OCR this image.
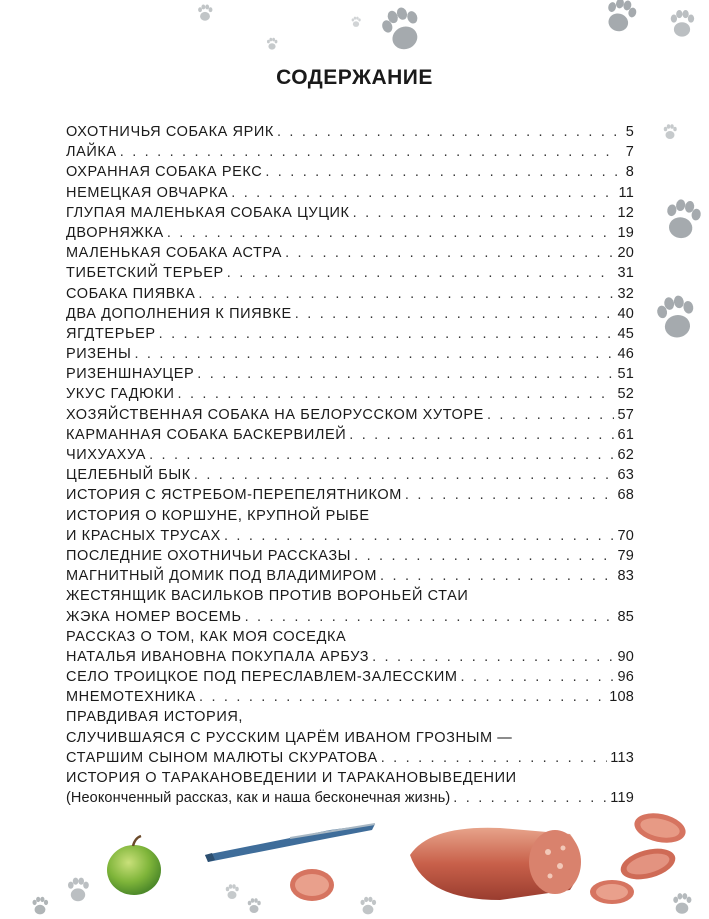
СОДЕРЖАНИЕ
ОХОТНИЧЬЯ СОБАКА ЯРИК . . .	5
ЛАЙКА . . .	7
ОХРАННАЯ СОБАКА РЕКС . . .	8
НЕМЕЦКАЯ ОВЧАРКА . . .	11
ГЛУПАЯ МАЛЕНЬКАЯ СОБАКА ЦУЦИК . . .	12
ДВОРНЯЖКА . . .	19
МАЛЕНЬКАЯ СОБАКА АСТРА . . .	20
ТИБЕТСКИЙ ТЕРЬЕР . . .	31
СОБАКА ПИЯВКА . . .	32
ДВА ДОПОЛНЕНИЯ К ПИЯВКЕ . . .	40
ЯГДТЕРЬЕР . . .	45
РИЗЕНЫ . . .	46
РИЗЕНШНАУЦЕР . . .	51
УКУС ГАДЮКИ . . .	52
ХОЗЯЙСТВЕННАЯ СОБАКА НА БЕЛОРУССКОМ ХУТОРЕ . . .	57
КАРМАННАЯ СОБАКА БАСКЕРВИЛЕЙ . . .	61
ЧИХУАХУА . . .	62
ЦЕЛЕБНЫЙ БЫК . . .	63
ИСТОРИЯ С ЯСТРЕБОМ-ПЕРЕПЕЛЯТНИКОМ . . .	68
ИСТОРИЯ О КОРШУНЕ, КРУПНОЙ РЫБЕ
И КРАСНЫХ ТРУСАХ . . .	70
ПОСЛЕДНИЕ ОХОТНИЧЬИ РАССКАЗЫ . . .	79
МАГНИТНЫЙ ДОМИК ПОД ВЛАДИМИРОМ . . .	83
ЖЕСТЯНЩИК ВАСИЛЬКОВ ПРОТИВ ВОРОНЬЕЙ СТАИ
ЖЭКА НОМЕР ВОСЕМЬ . . .	85
РАССКАЗ О ТОМ, КАК МОЯ СОСЕДКА
НАТАЛЬЯ ИВАНОВНА ПОКУПАЛА АРБУЗ . . .	90
СЕЛО ТРОИЦКОЕ ПОД ПЕРЕСЛАВЛЕМ-ЗАЛЕССКИМ . . .	96
МНЕМОТЕХНИКА . . .	108
ПРАВДИВАЯ ИСТОРИЯ,
СЛУЧИВШАЯСЯ С РУССКИМ ЦАРЁМ ИВАНОМ ГРОЗНЫМ —
СТАРШИМ СЫНОМ МАЛЮТЫ СКУРАТОВА . . .	113
ИСТОРИЯ О ТАРАКАНОВЕДЕНИИ И ТАРАКАНОВЫВЕДЕНИИ
(Неоконченный рассказ, как и наша бесконечная жизнь) . . .	119
